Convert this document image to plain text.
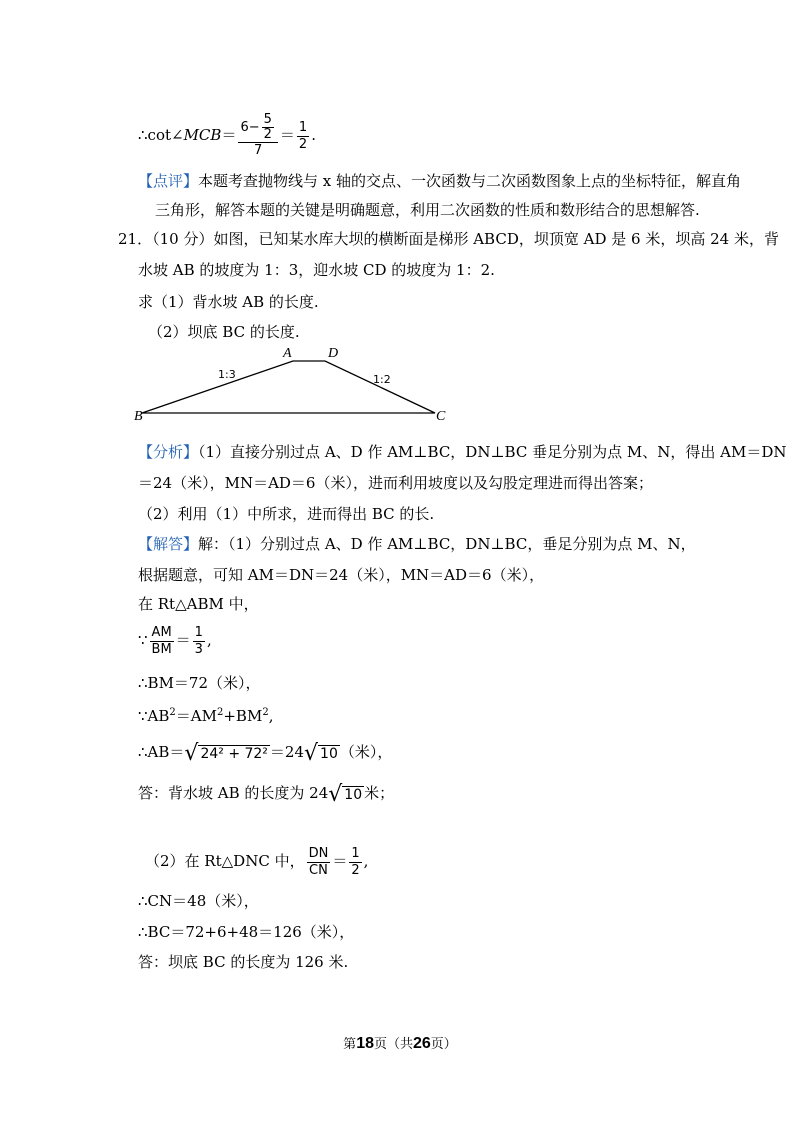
∴cot∠MCB＝ $\frac{6- \frac{5}{2}}{7} = \frac{1}{2}$ .
【点评】本题考查抛物线与 x 轴的交点、一次函数与二次函数图象上点的坐标特征，解直角
三角形，解答本题的关键是明确题意，利用二次函数的性质和数形结合的思想解答.
21．（10 分）如图，已知某水库大坝的横断面是梯形 ABCD，坝顶宽 AD 是 6 米，坝高 24 米，背
水坡 AB 的坡度为 1：3，迎水坡 CD 的坡度为 1：2.
求（1）背水坡 AB 的长度.
（2）坝底 BC 的长度.
A	D
B	C
1:3	1:2
【分析】（1）直接分别过点 A、D 作 AM⊥BC，DN⊥BC 垂足分别为点 M、N，得出 AM＝DN
＝24（米），MN＝AD＝6（米），进而利用坡度以及勾股定理进而得出答案；
（2）利用（1）中所求，进而得出 BC 的长.
【解答】解：（1）分别过点 A、D 作 AM⊥BC，DN⊥BC，垂足分别为点 M、N，
根据题意，可知 AM＝DN＝24（米），MN＝AD＝6（米），
在 Rt△ABM 中，
∵ $\frac{AM}{BM} = \frac{1}{3}$ ,
∴BM＝72（米），
$\because AB^2=AM^2+BM^2$,
∴AB＝√ 24² + 72² ＝24√ 10 （米），
答：背水坡 AB 的长度为 24√ 10 米；
（2）在 Rt△DNC 中， $\frac{DN}{CN} = \frac{1}{2}$ ,
∴CN＝48（米），
∴BC＝72+6+48＝126（米），
答：坝底 BC 的长度为 126 米.
第18页（共26页）
